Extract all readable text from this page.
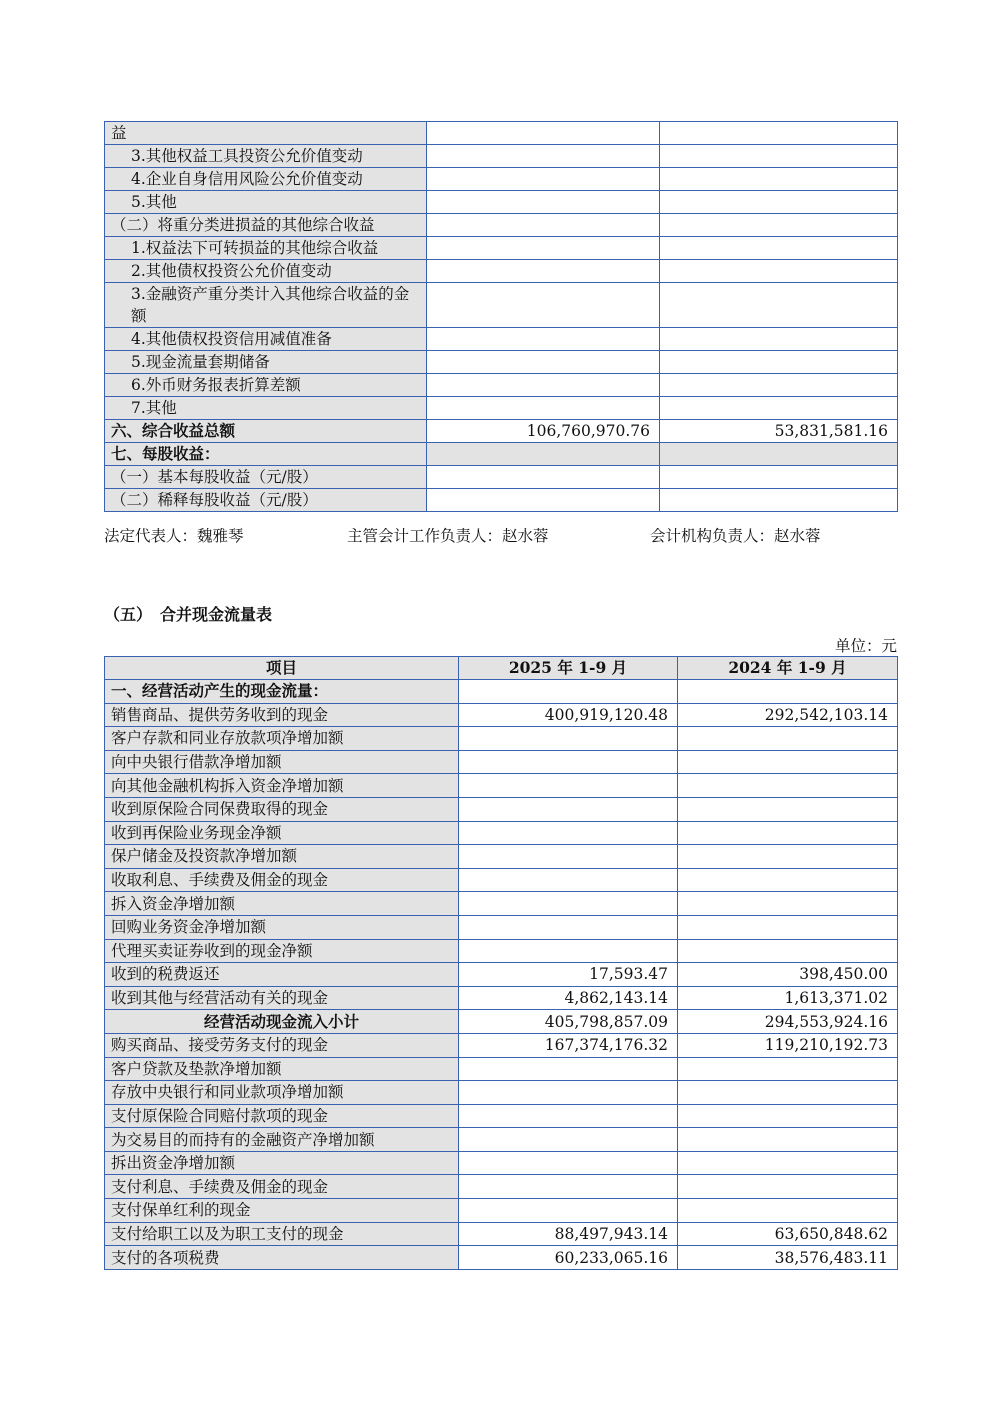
益		
3.其他权益工具投资公允价值变动		
4.企业自身信用风险公允价值变动		
5.其他		
（二）将重分类进损益的其他综合收益		
1.权益法下可转损益的其他综合收益		
2.其他债权投资公允价值变动		
3.金融资产重分类计入其他综合收益的金额		
4.其他债权投资信用减值准备		
5.现金流量套期储备		
6.外币财务报表折算差额		
7.其他		
六、综合收益总额	106,760,970.76	53,831,581.16
七、每股收益：		
（一）基本每股收益（元/股）		
（二）稀释每股收益（元/股）		
法定代表人：魏雅琴	主管会计工作负责人：赵水蓉	会计机构负责人：赵水蓉
（五）　合并现金流量表
单位：元
项目	2025 年 1-9 月	2024 年 1-9 月
一、经营活动产生的现金流量：		
销售商品、提供劳务收到的现金	400,919,120.48	292,542,103.14
客户存款和同业存放款项净增加额		
向中央银行借款净增加额		
向其他金融机构拆入资金净增加额		
收到原保险合同保费取得的现金		
收到再保险业务现金净额		
保户储金及投资款净增加额		
收取利息、手续费及佣金的现金		
拆入资金净增加额		
回购业务资金净增加额		
代理买卖证券收到的现金净额		
收到的税费返还	17,593.47	398,450.00
收到其他与经营活动有关的现金	4,862,143.14	1,613,371.02
经营活动现金流入小计	405,798,857.09	294,553,924.16
购买商品、接受劳务支付的现金	167,374,176.32	119,210,192.73
客户贷款及垫款净增加额		
存放中央银行和同业款项净增加额		
支付原保险合同赔付款项的现金		
为交易目的而持有的金融资产净增加额		
拆出资金净增加额		
支付利息、手续费及佣金的现金		
支付保单红利的现金		
支付给职工以及为职工支付的现金	88,497,943.14	63,650,848.62
支付的各项税费	60,233,065.16	38,576,483.11
